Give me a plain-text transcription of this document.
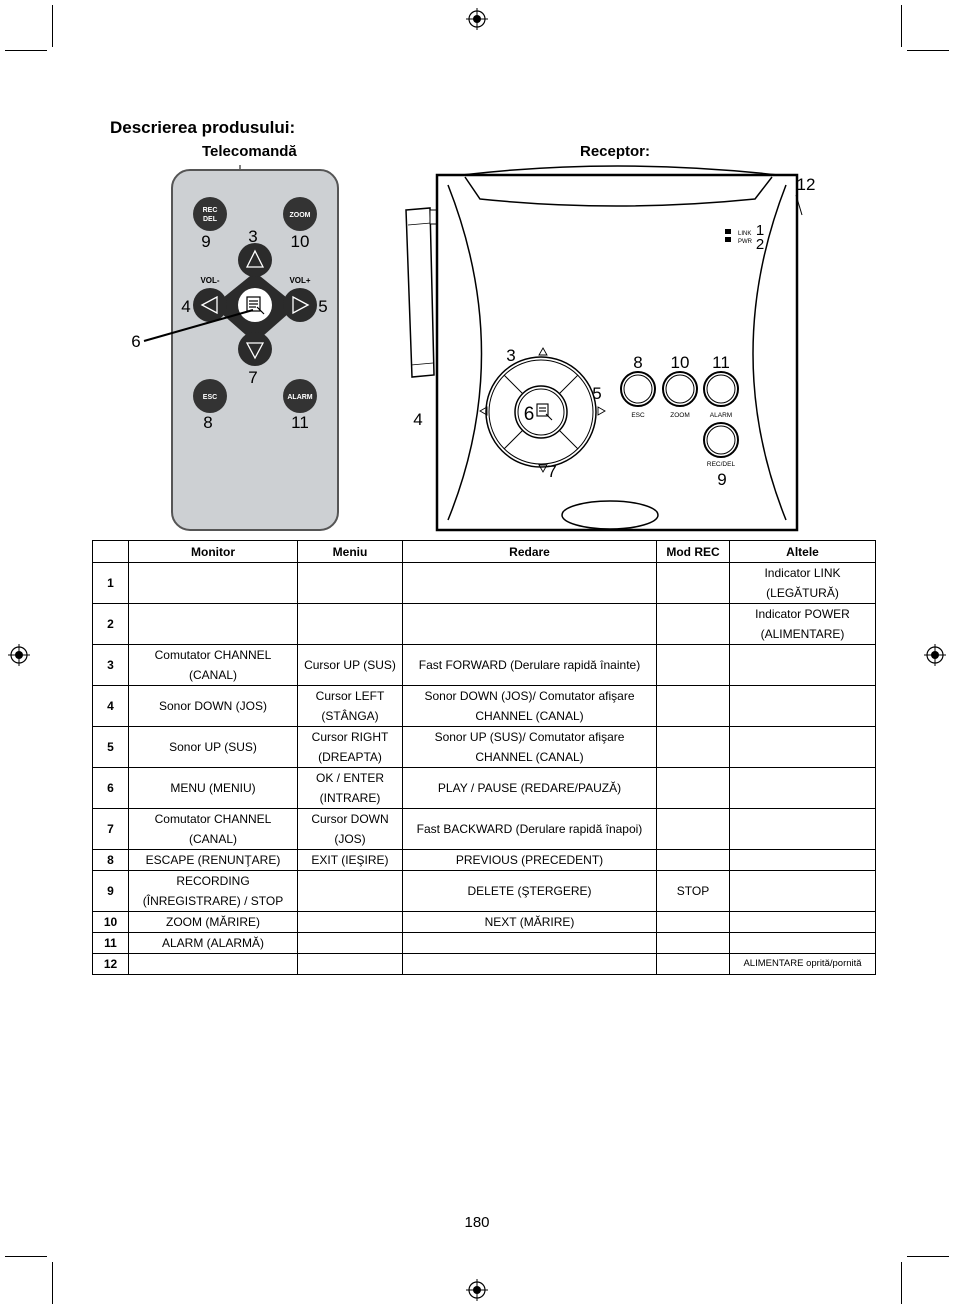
Descrierea produsului:
Telecomandă	Receptor:
REC
DEL
ZOOM
9	10
VOL-	VOL+
3
4	5
6
7
ESC	ALARM
8	11	4
12
LINK
PWR
1
2
6
3
5
7
ESC	ZOOM	ALARM
REC/DEL
8 10 11
9
	Monitor	Meniu	Redare	Mod REC	Altele
1					Indicator LINK (LEGĂTURĂ)
2					Indicator POWER (ALIMENTARE)
3	Comutator CHANNEL (CANAL)	Cursor UP (SUS)	Fast FORWARD (Derulare rapidă înainte)		
4	Sonor DOWN (JOS)	Cursor LEFT (STÂNGA)	Sonor DOWN (JOS)/ Comutator afişare CHANNEL (CANAL)		
5	Sonor UP (SUS)	Cursor RIGHT (DREAPTA)	Sonor UP (SUS)/ Comutator afişare CHANNEL (CANAL)		
6	MENU (MENIU)	OK / ENTER (INTRARE)	PLAY / PAUSE (REDARE/PAUZĂ)		
7	Comutator CHANNEL (CANAL)	Cursor DOWN (JOS)	Fast BACKWARD (Derulare rapidă înapoi)		
8	ESCAPE (RENUNŢARE)	EXIT (IEŞIRE)	PREVIOUS (PRECEDENT)		
9	RECORDING (ÎNREGISTRARE) / STOP		DELETE (ŞTERGERE)	STOP	
10	ZOOM (MĂRIRE)		NEXT (MĂRIRE)		
11	ALARM (ALARMĂ)				
12					ALIMENTARE oprită/pornită
180
